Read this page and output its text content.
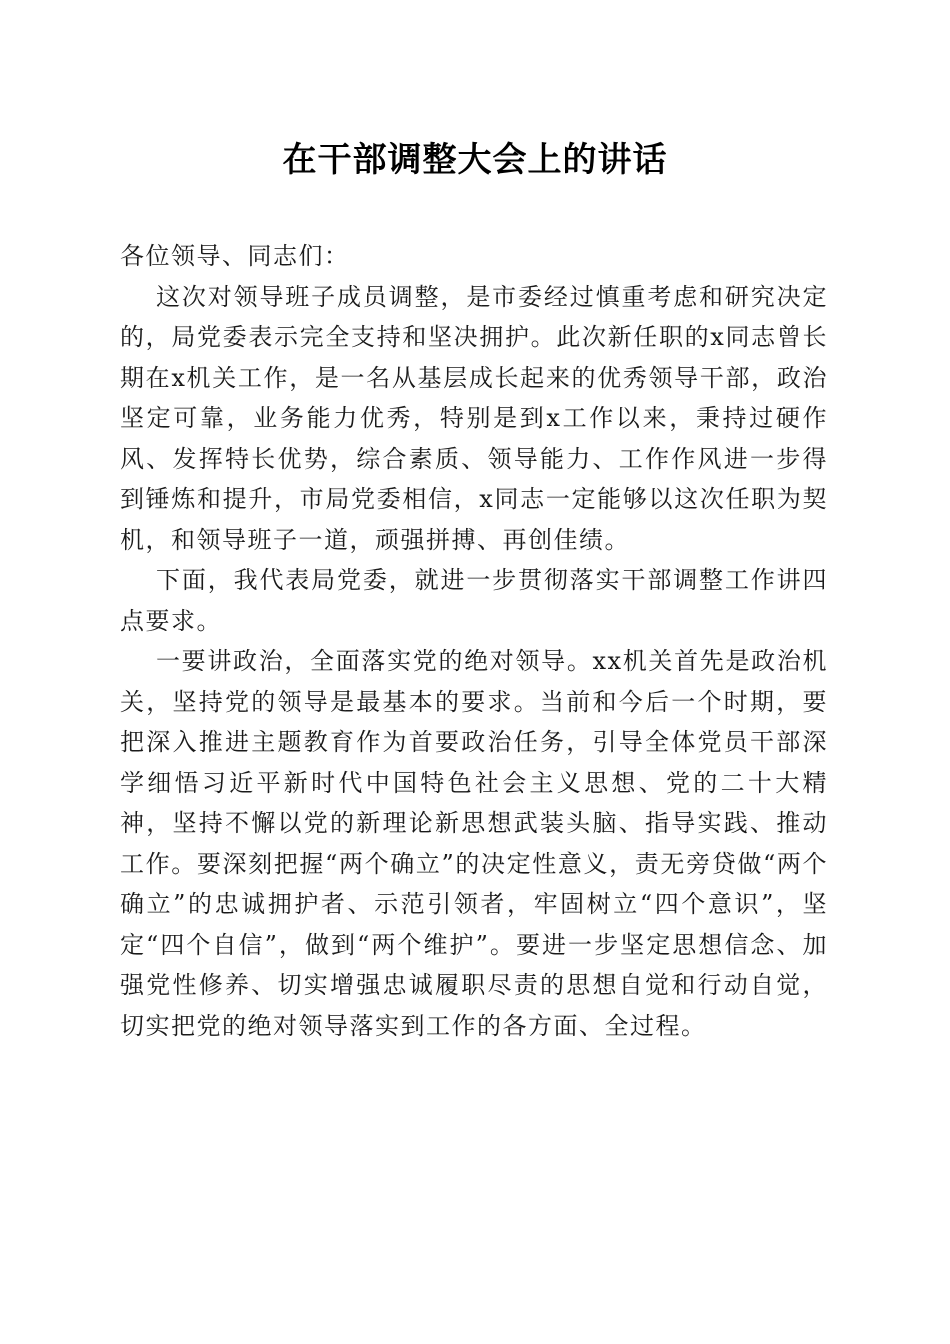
在干部调整大会上的讲话

各位领导、同志们：

这次对领导班子成员调整，是市委经过慎重考虑和研究决定的，局党委表示完全支持和坚决拥护。此次新任职的x同志曾长期在x机关工作，是一名从基层成长起来的优秀领导干部，政治坚定可靠，业务能力优秀，特别是到x工作以来，秉持过硬作风、发挥特长优势，综合素质、领导能力、工作作风进一步得到锤炼和提升，市局党委相信，x同志一定能够以这次任职为契机，和领导班子一道，顽强拼搏、再创佳绩。

下面，我代表局党委，就进一步贯彻落实干部调整工作讲四点要求。

一要讲政治，全面落实党的绝对领导。xx机关首先是政治机关，坚持党的领导是最基本的要求。当前和今后一个时期，要把深入推进主题教育作为首要政治任务，引导全体党员干部深学细悟习近平新时代中国特色社会主义思想、党的二十大精神，坚持不懈以党的新理论新思想武装头脑、指导实践、推动工作。要深刻把握“两个确立”的决定性意义，责无旁贷做“两个确立”的忠诚拥护者、示范引领者，牢固树立“四个意识”，坚定“四个自信”，做到“两个维护”。要进一步坚定思想信念、加强党性修养、切实增强忠诚履职尽责的思想自觉和行动自觉，切实把党的绝对领导落实到工作的各方面、全过程。
